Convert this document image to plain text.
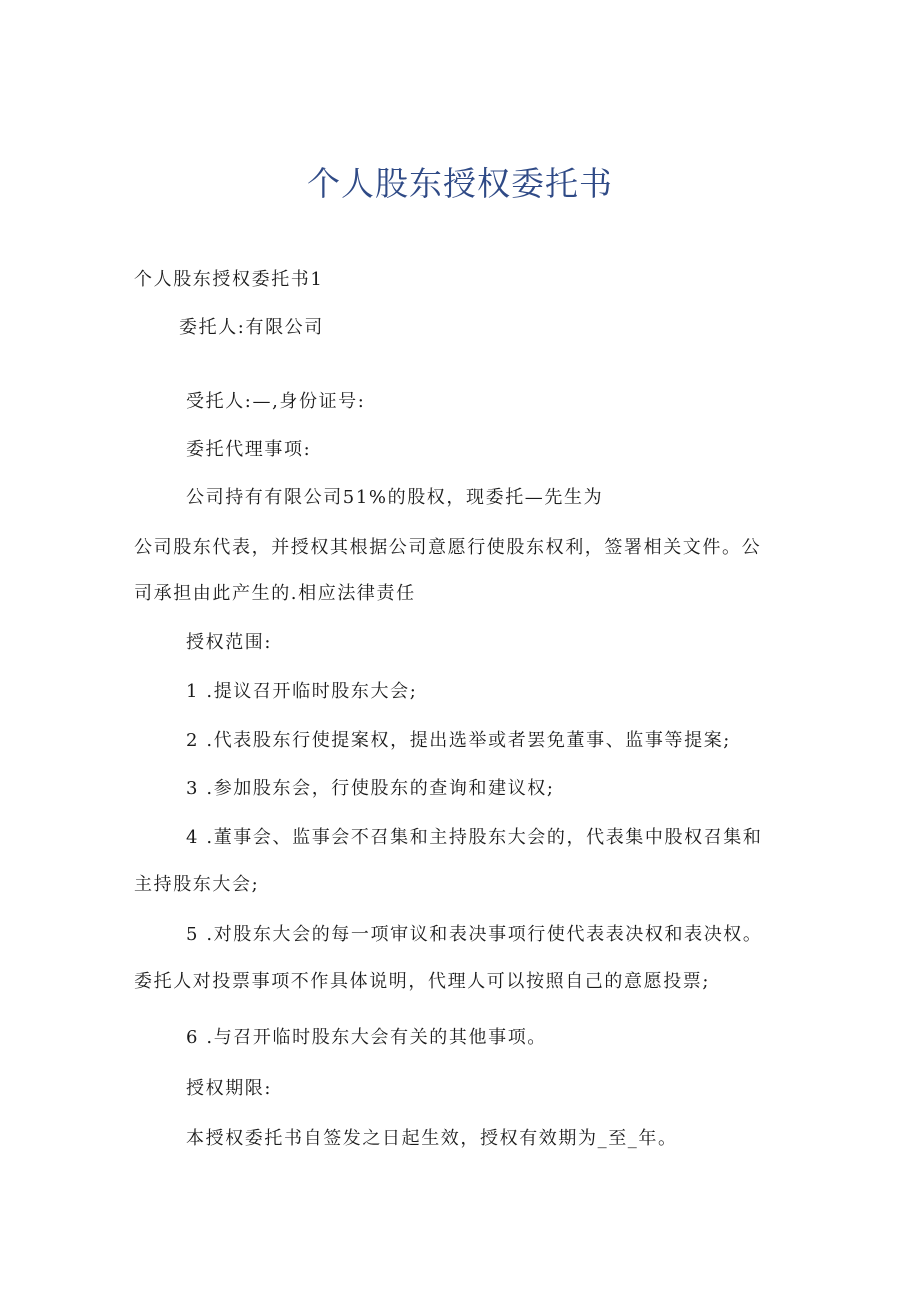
个人股东授权委托书
个人股东授权委托书1
委托人:有限公司
受托人:—,身份证号:
委托代理事项:
公司持有有限公司51%的股权，现委托—先生为
公司股东代表，并授权其根据公司意愿行使股东权利，签署相关文件。公
司承担由此产生的.相应法律责任
授权范围:
1 .提议召开临时股东大会;
2 .代表股东行使提案权，提出选举或者罢免董事、监事等提案;
3 .参加股东会，行使股东的查询和建议权;
4 .董事会、监事会不召集和主持股东大会的，代表集中股权召集和
主持股东大会;
5 .对股东大会的每一项审议和表决事项行使代表表决权和表决权。
委托人对投票事项不作具体说明，代理人可以按照自己的意愿投票;
6 .与召开临时股东大会有关的其他事项。
授权期限:
本授权委托书自签发之日起生效，授权有效期为_至_年。
